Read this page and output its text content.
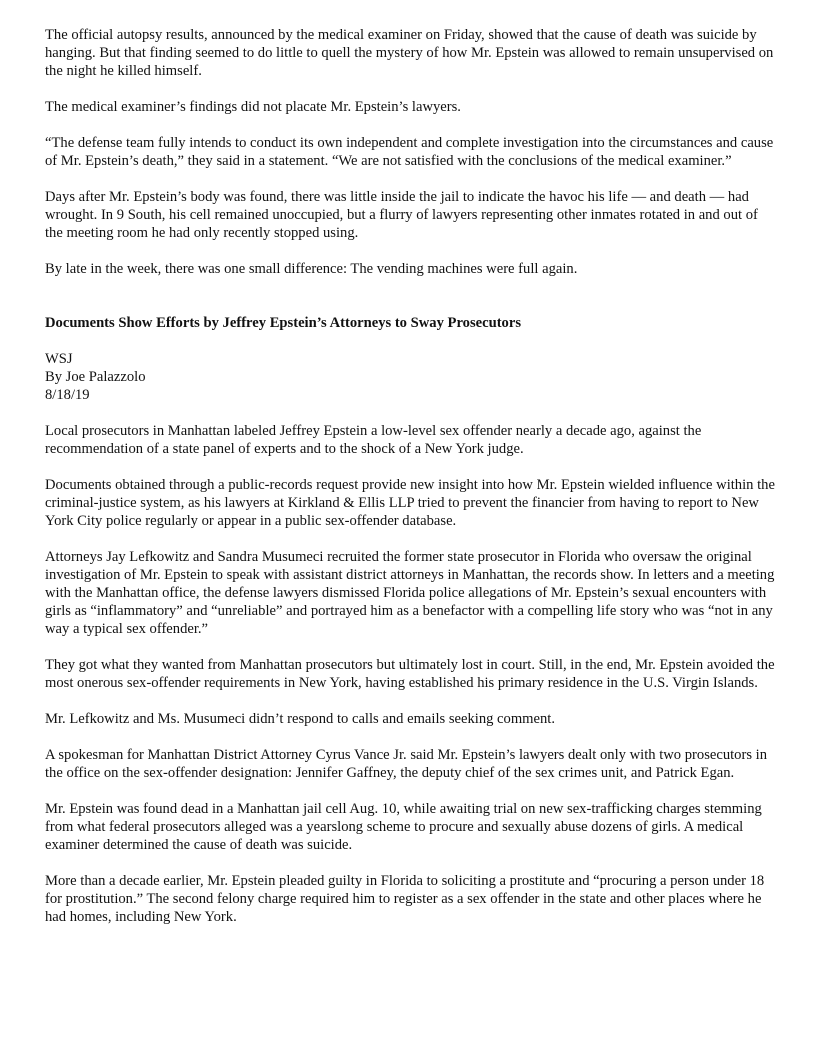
The official autopsy results, announced by the medical examiner on Friday, showed that the cause of death was suicide by hanging. But that finding seemed to do little to quell the mystery of how Mr. Epstein was allowed to remain unsupervised on the night he killed himself.

The medical examiner’s findings did not placate Mr. Epstein’s lawyers.

“The defense team fully intends to conduct its own independent and complete investigation into the circumstances and cause of Mr. Epstein’s death,” they said in a statement. “We are not satisfied with the conclusions of the medical examiner.”

Days after Mr. Epstein’s body was found, there was little inside the jail to indicate the havoc his life — and death — had wrought. In 9 South, his cell remained unoccupied, but a flurry of lawyers representing other inmates rotated in and out of the meeting room he had only recently stopped using.

By late in the week, there was one small difference: The vending machines were full again.

Documents Show Efforts by Jeffrey Epstein’s Attorneys to Sway Prosecutors

WSJ
By Joe Palazzolo
8/18/19

Local prosecutors in Manhattan labeled Jeffrey Epstein a low-level sex offender nearly a decade ago, against the recommendation of a state panel of experts and to the shock of a New York judge.

Documents obtained through a public-records request provide new insight into how Mr. Epstein wielded influence within the criminal-justice system, as his lawyers at Kirkland & Ellis LLP tried to prevent the financier from having to report to New York City police regularly or appear in a public sex-offender database.

Attorneys Jay Lefkowitz and Sandra Musumeci recruited the former state prosecutor in Florida who oversaw the original investigation of Mr. Epstein to speak with assistant district attorneys in Manhattan, the records show. In letters and a meeting with the Manhattan office, the defense lawyers dismissed Florida police allegations of Mr. Epstein’s sexual encounters with girls as “inflammatory” and “unreliable” and portrayed him as a benefactor with a compelling life story who was “not in any way a typical sex offender.”

They got what they wanted from Manhattan prosecutors but ultimately lost in court. Still, in the end, Mr. Epstein avoided the most onerous sex-offender requirements in New York, having established his primary residence in the U.S. Virgin Islands.

Mr. Lefkowitz and Ms. Musumeci didn’t respond to calls and emails seeking comment.

A spokesman for Manhattan District Attorney Cyrus Vance Jr. said Mr. Epstein’s lawyers dealt only with two prosecutors in the office on the sex-offender designation: Jennifer Gaffney, the deputy chief of the sex crimes unit, and Patrick Egan.

Mr. Epstein was found dead in a Manhattan jail cell Aug. 10, while awaiting trial on new sex-trafficking charges stemming from what federal prosecutors alleged was a yearslong scheme to procure and sexually abuse dozens of girls. A medical examiner determined the cause of death was suicide.

More than a decade earlier, Mr. Epstein pleaded guilty in Florida to soliciting a prostitute and “procuring a person under 18 for prostitution.” The second felony charge required him to register as a sex offender in the state and other places where he had homes, including New York.
